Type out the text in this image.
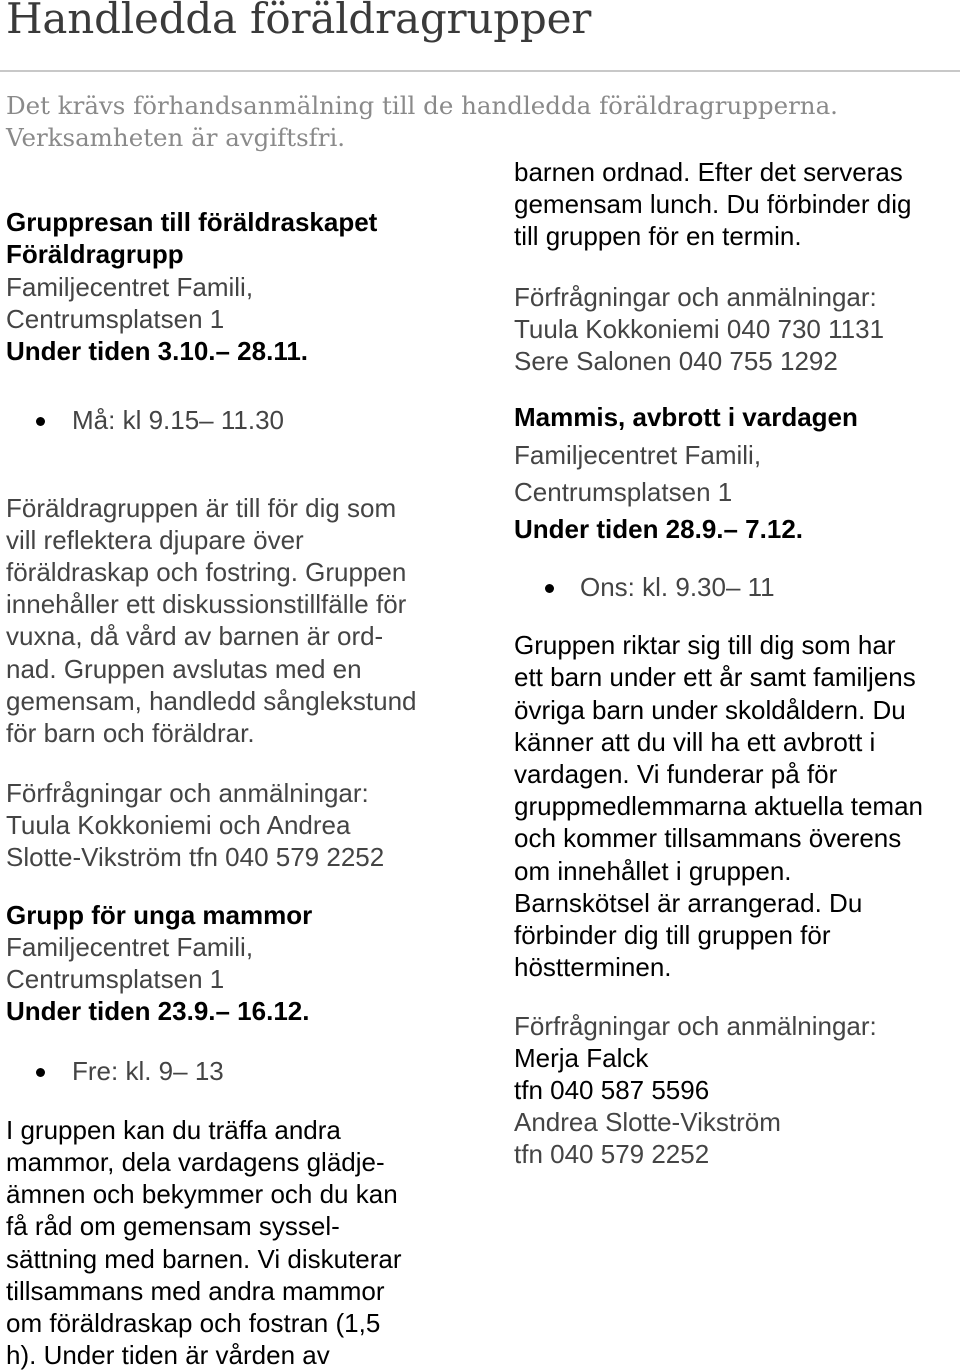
Handledda föräldragrupper
Det krävs förhandsanmälning till de handledda föräldragrupperna.
Verksamheten är avgiftsfri.
Gruppresan till föräldraskapet
Föräldragrupp
Familjecentret Famili,
Centrumsplatsen 1
Under tiden 3.10.– 28.11.
Må: kl 9.15– 11.30
Föräldragruppen är till för dig som
vill reflektera djupare över
föräldraskap och fostring. Gruppen
innehåller ett diskussionstillfälle för
vuxna, då vård av barnen är ord-
nad. Gruppen avslutas med en
gemensam, handledd sånglekstund
för barn och föräldrar.
Förfrågningar och anmälningar:
Tuula Kokkoniemi och Andrea
Slotte-Vikström tfn 040 579 2252
Grupp för unga mammor
Familjecentret Famili,
Centrumsplatsen 1
Under tiden 23.9.– 16.12.
Fre: kl. 9– 13
I gruppen kan du träffa andra
mammor, dela vardagens glädje-
ämnen och bekymmer och du kan
få råd om gemensam syssel-
sättning med barnen. Vi diskuterar
tillsammans med andra mammor
om föräldraskap och fostran (1,5
h). Under tiden är vården av
barnen ordnad. Efter det serveras
gemensam lunch. Du förbinder dig
till gruppen för en termin.
Förfrågningar och anmälningar:
Tuula Kokkoniemi 040 730 1131
Sere Salonen 040 755 1292
Mammis, avbrott i vardagen
Familjecentret Famili,
Centrumsplatsen 1
Under tiden 28.9.– 7.12.
Ons: kl. 9.30– 11
Gruppen riktar sig till dig som har
ett barn under ett år samt familjens
övriga barn under skoldåldern. Du
känner att du vill ha ett avbrott i
vardagen. Vi funderar på för
gruppmedlemmarna aktuella teman
och kommer tillsammans överens
om innehållet i gruppen.
Barnskötsel är arrangerad. Du
förbinder dig till gruppen för
höstterminen.
Förfrågningar och anmälningar:
Merja Falck
tfn 040 587 5596
Andrea Slotte-Vikström
tfn 040 579 2252
